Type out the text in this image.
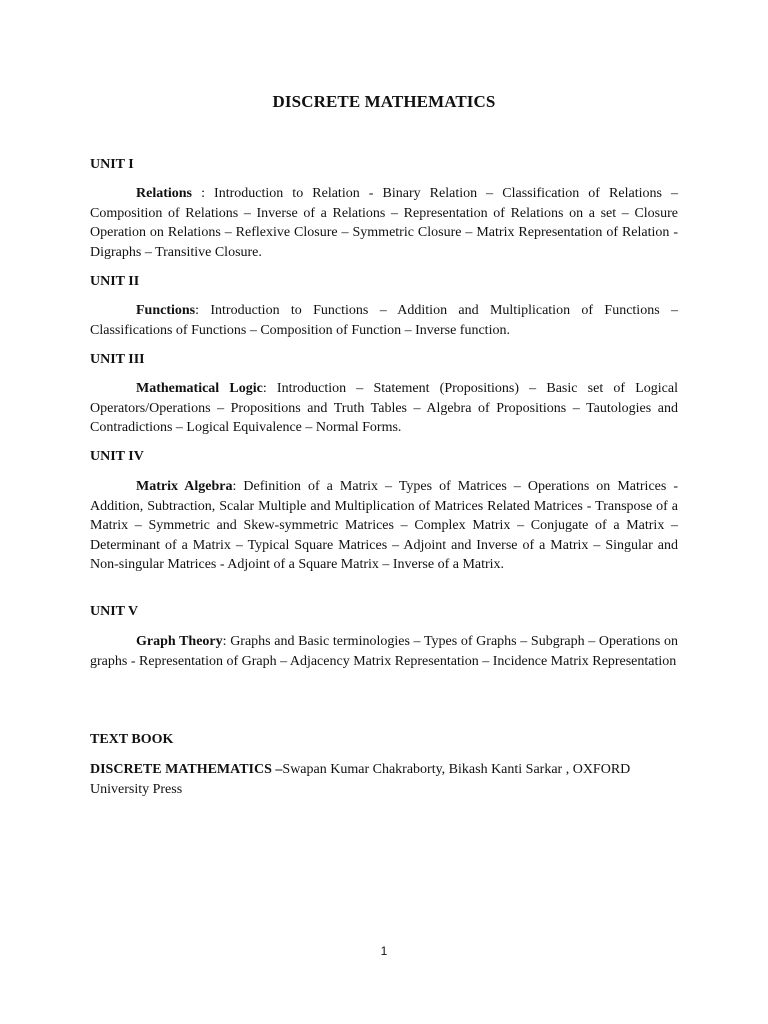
DISCRETE MATHEMATICS
UNIT I

Relations : Introduction to Relation - Binary Relation – Classification of Relations – Composition of Relations – Inverse of a Relations – Representation of Relations on a set – Closure Operation on Relations – Reflexive Closure – Symmetric Closure – Matrix Representation of Relation - Digraphs – Transitive Closure.

UNIT II

Functions: Introduction to Functions – Addition and Multiplication of Functions – Classifications of Functions – Composition of Function – Inverse function.

UNIT III

Mathematical Logic: Introduction – Statement (Propositions) – Basic set of Logical Operators/Operations – Propositions and Truth Tables – Algebra of Propositions – Tautologies and Contradictions – Logical Equivalence – Normal Forms.

UNIT IV

Matrix Algebra: Definition of a Matrix – Types of Matrices – Operations on Matrices - Addition, Subtraction, Scalar Multiple and Multiplication of Matrices Related Matrices - Transpose of a Matrix – Symmetric and Skew-symmetric Matrices – Complex Matrix – Conjugate of a Matrix – Determinant of a Matrix – Typical Square Matrices – Adjoint and Inverse of a Matrix – Singular and Non-singular Matrices - Adjoint of a Square Matrix – Inverse of a Matrix.

UNIT V

Graph Theory: Graphs and Basic terminologies – Types of Graphs – Subgraph – Operations on graphs - Representation of Graph – Adjacency Matrix Representation – Incidence Matrix Representation

TEXT BOOK

DISCRETE MATHEMATICS –Swapan Kumar Chakraborty, Bikash Kanti Sarkar , OXFORD University Press

1
